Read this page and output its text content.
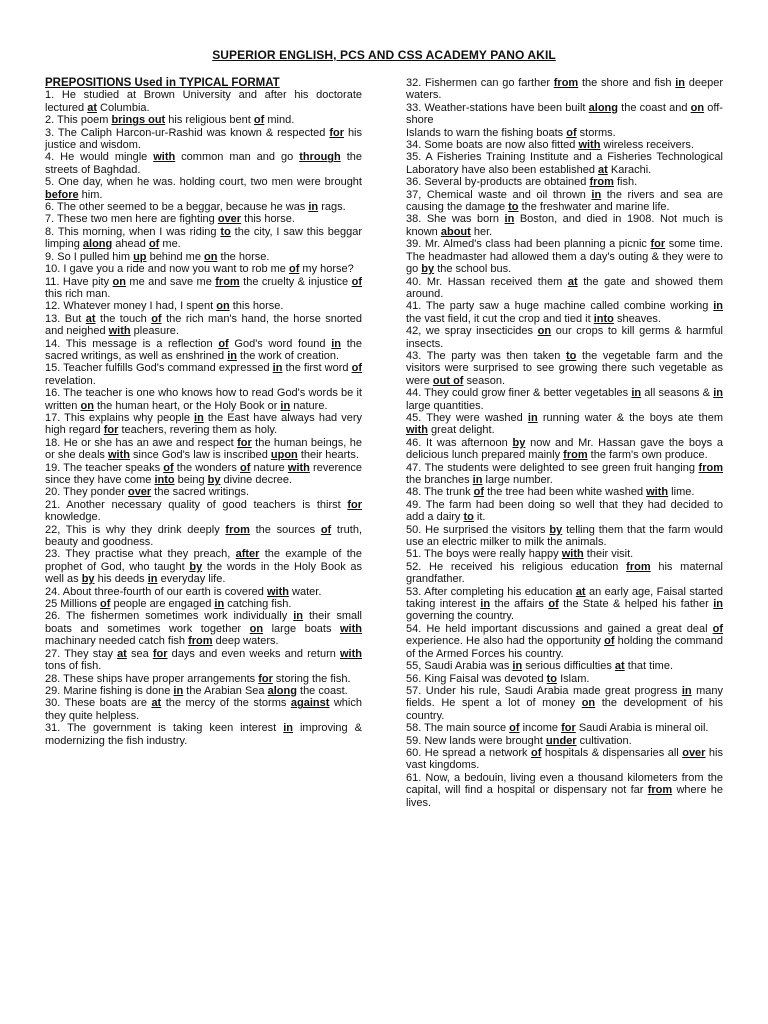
SUPERIOR ENGLISH, PCS AND CSS ACADEMY PANO AKIL
PREPOSITIONS Used in TYPICAL FORMAT

1. He studied at Brown University and after his doctorate lectured at Columbia.

2. This poem brings out his religious bent of mind.

3. The Caliph Harcon-ur-Rashid was known & respected for his justice and wisdom.

4. He would mingle with common man and go through the streets of Baghdad.

5. One day, when he was. holding court, two men were brought before him.

6. The other seemed to be a beggar, because he was in rags.

7. These two men here are fighting over this horse.

8. This morning, when I was riding to the city, I saw this beggar limping along ahead of me.

9. So I pulled him up behind me on the horse.

10. I gave you a ride and now you want to rob me of my horse?

11. Have pity on me and save me from the cruelty & injustice of this rich man.

12. Whatever money I had, I spent on this horse.

13. But at the touch of the rich man's hand, the horse snorted and neighed with pleasure.

14. This message is a reflection of God's word found in the sacred writings, as well as enshrined in the work of creation.

15. Teacher fulfills God's command expressed in the first word of revelation.

16. The teacher is one who knows how to read God's words be it written on the human heart, or the Holy Book or in nature.

17. This explains why people in the East have always had very high regard for teachers, revering them as holy.

18. He or she has an awe and respect for the human beings, he or she deals with since God's law is inscribed upon their hearts.

19. The teacher speaks of the wonders of nature with reverence since they have come into being by divine decree.

20. They ponder over the sacred writings.

21. Another necessary quality of good teachers is thirst for knowledge.

22, This is why they drink deeply from the sources of truth, beauty and goodness.

23. They practise what they preach, after the example of the prophet of God, who taught by the words in the Holy Book as well as by his deeds in everyday life.

24. About three-fourth of our earth is covered with water.

25 Millions of people are engaged in catching fish.

26. The fishermen sometimes work individually in their small boats and sometimes work together on large boats with machinary needed catch fish from deep waters.

27. They stay at sea for days and even weeks and return with tons of fish.

28. These ships have proper arrangements for storing the fish.

29. Marine fishing is done in the Arabian Sea along the coast.

30. These boats are at the mercy of the storms against which they quite helpless.

31. The government is taking keen interest in improving & modernizing the fish industry.

32. Fishermen can go farther from the shore and fish in deeper waters.

33. Weather-stations have been built along the coast and on off-shore

Islands to warn the fishing boats of storms.

34. Some boats are now also fitted with wireless receivers.

35. A Fisheries Training Institute and a Fisheries Technological Laboratory have also been established at Karachi.

36. Several by-products are obtained from fish.

37, Chemical waste and oil thrown in the rivers and sea are causing the damage to the freshwater and marine life.

38. She was born in Boston, and died in 1908. Not much is known about her.

39. Mr. Almed's class had been planning a picnic for some time. The headmaster had allowed them a day's outing & they were to go by the school bus.

40. Mr. Hassan received them at the gate and showed them around.

41. The party saw a huge machine called combine working in the vast field, it cut the crop and tied it into sheaves.

42, we spray insecticides on our crops to kill germs & harmful insects.

43. The party was then taken to the vegetable farm and the visitors were surprised to see growing there such vegetable as were out of season.

44. They could grow finer & better vegetables in all seasons & in large quantities.

45. They were washed in running water & the boys ate them with great delight.

46. It was afternoon by now and Mr. Hassan gave the boys a delicious lunch prepared mainly from the farm's own produce.

47. The students were delighted to see green fruit hanging from the branches in large number.

48. The trunk of the tree had been white washed with lime.

49. The farm had been doing so well that they had decided to add a dairy to it.

50. He surprised the visitors by telling them that the farm would use an electric milker to milk the animals.

51. The boys were really happy with their visit.

52. He received his religious education from his maternal grandfather.

53. After completing his education at an early age, Faisal started taking interest in the affairs of the State & helped his father in governing the country.

54. He held important discussions and gained a great deal of experience. He also had the opportunity of holding the command of the Armed Forces his country.

55, Saudi Arabia was in serious difficulties at that time.

56. King Faisal was devoted to Islam.

57. Under his rule, Saudi Arabia made great progress in many fields. He spent a lot of money on the development of his country.

58. The main source of income for Saudi Arabia is mineral oil.

59. New lands were brought under cultivation.

60. He spread a network of hospitals & dispensaries all over his vast kingdoms.

61. Now, a bedouin, living even a thousand kilometers from the capital, will find a hospital or dispensary not far from where he lives.
